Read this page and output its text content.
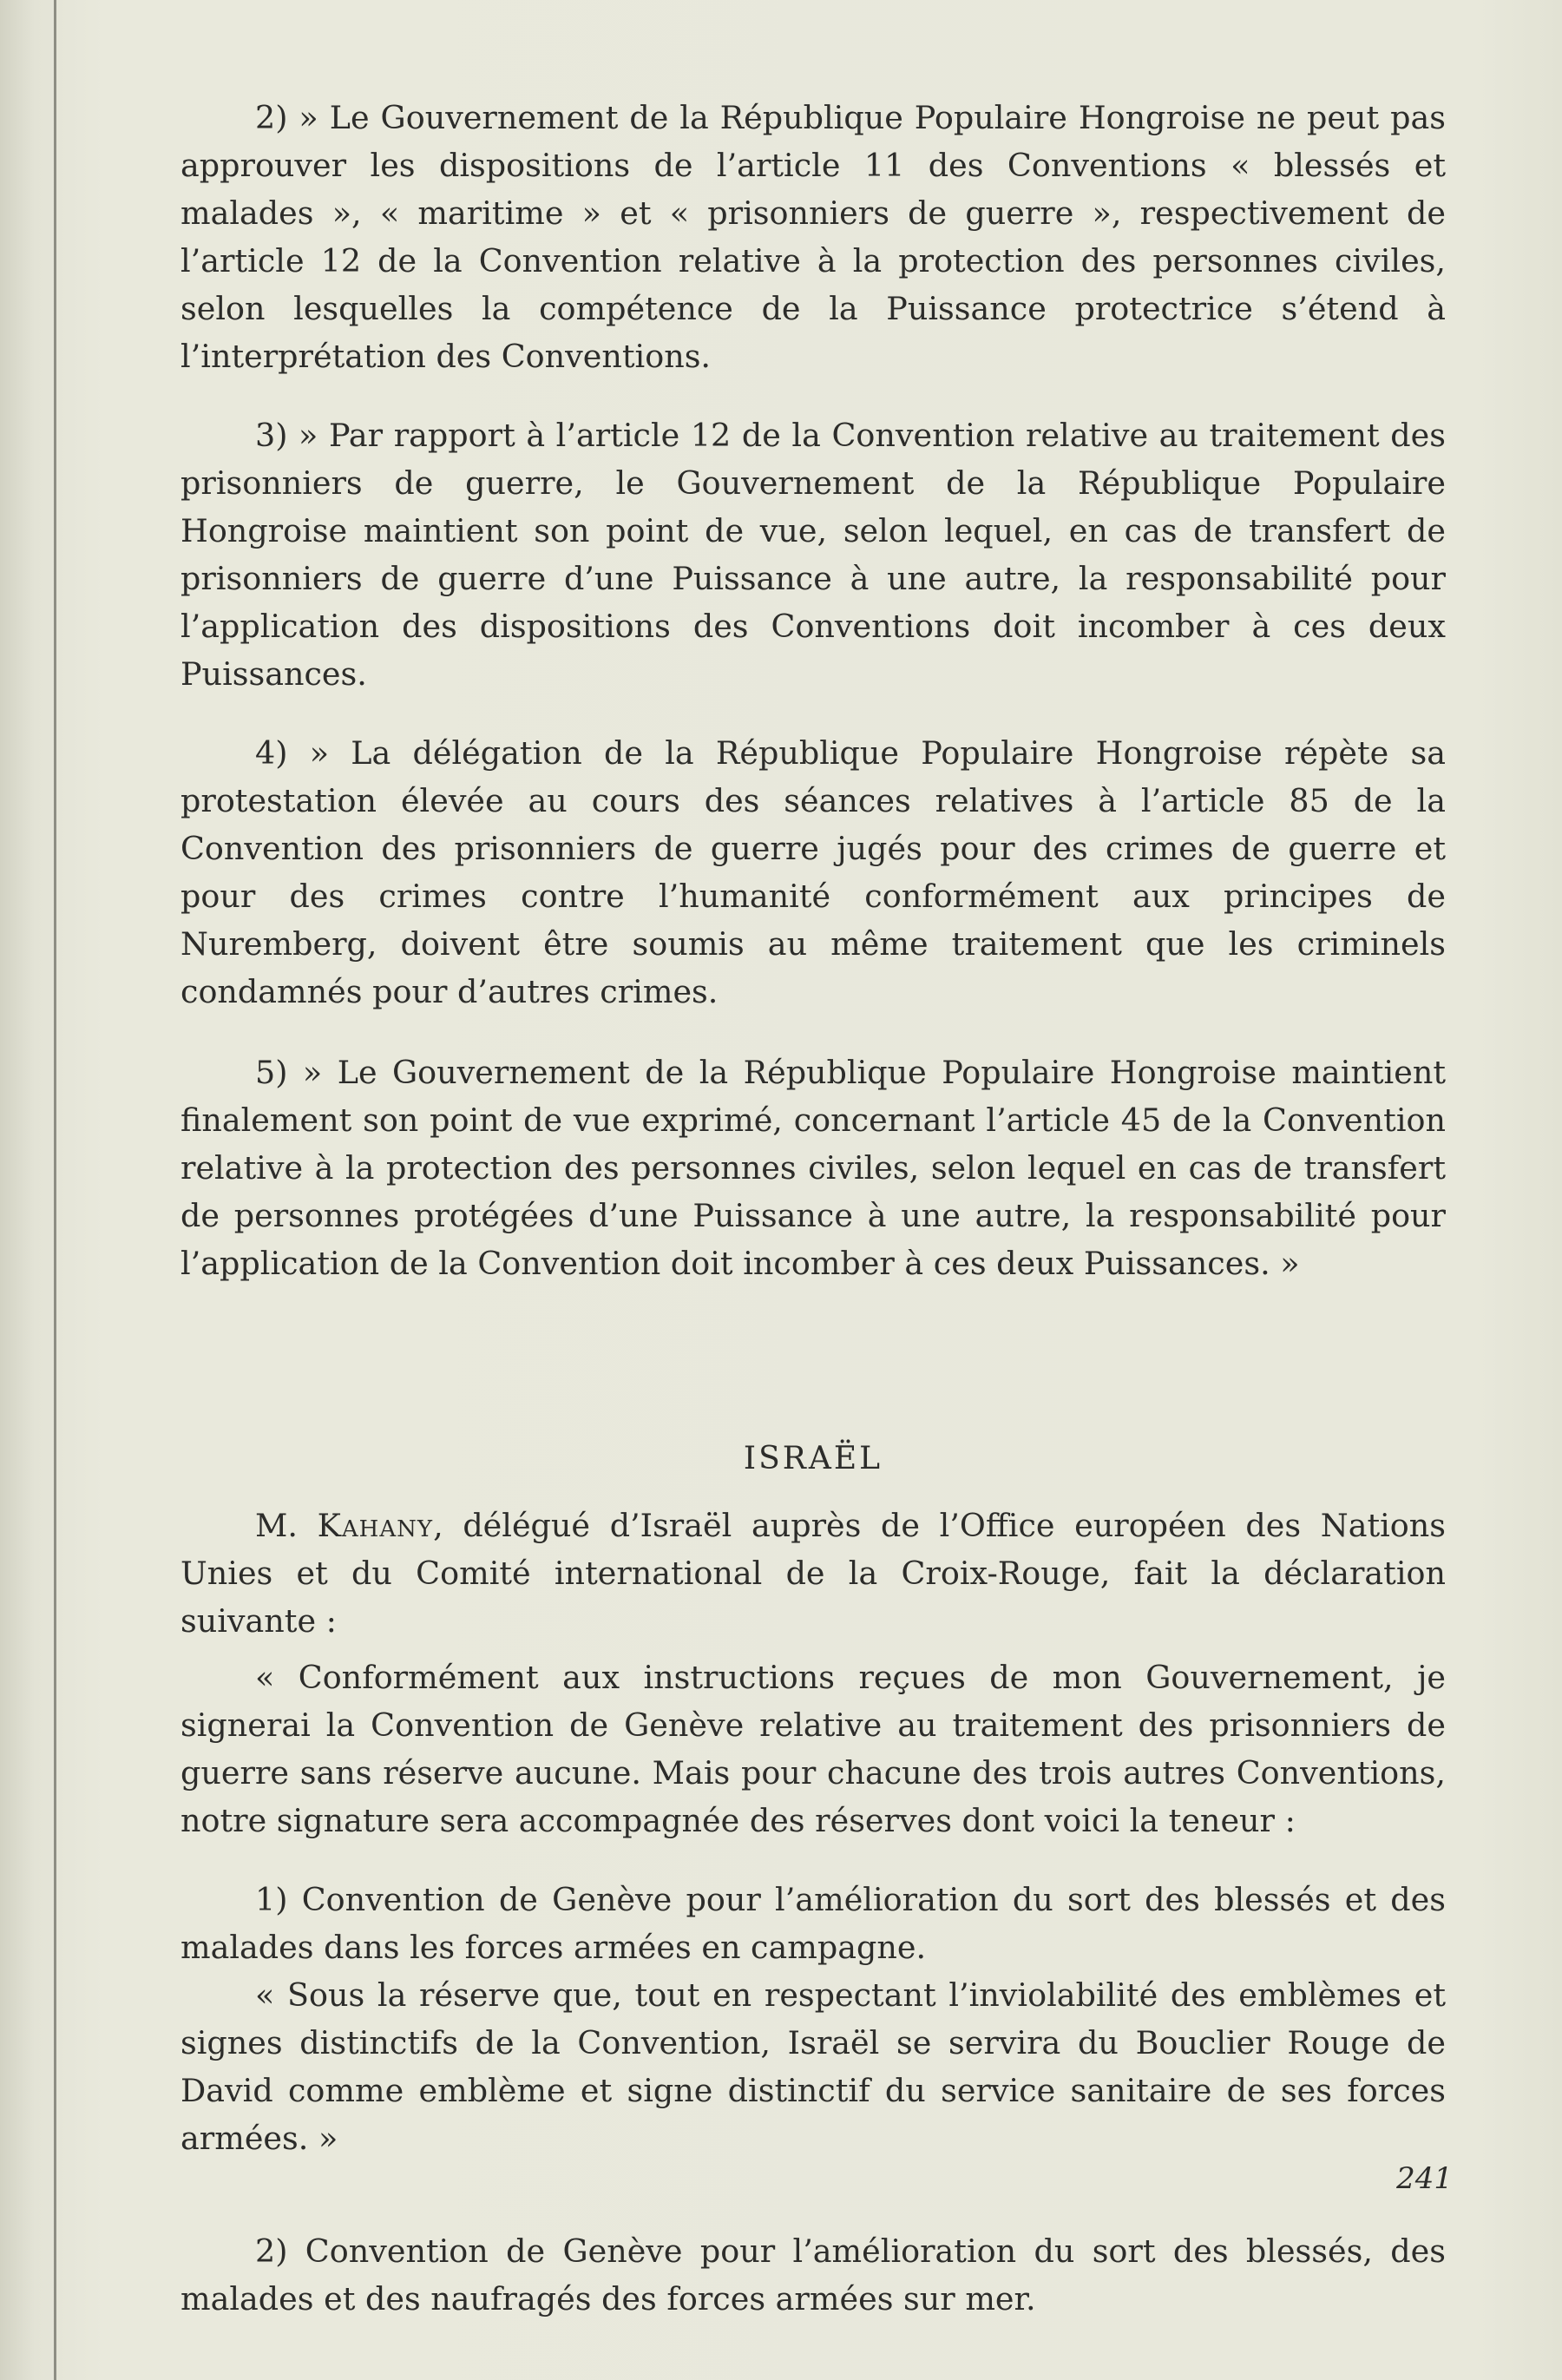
2) » Le Gouvernement de la République Populaire Hongroise ne peut pas approuver les dispositions de l’article 11 des Conventions « blessés et malades », « maritime » et « prisonniers de guerre », respectivement de l’article 12 de la Convention relative à la protection des personnes civiles, selon lesquelles la compétence de la Puissance protectrice s’étend à l’interprétation des Conventions.

3) » Par rapport à l’article 12 de la Convention relative au traitement des prisonniers de guerre, le Gouvernement de la République Populaire Hongroise maintient son point de vue, selon lequel, en cas de transfert de prisonniers de guerre d’une Puissance à une autre, la responsabilité pour l’application des dispositions des Conventions doit incomber à ces deux Puissances.

4) » La délégation de la République Populaire Hongroise répète sa protestation élevée au cours des séances relatives à l’article 85 de la Convention des prisonniers de guerre jugés pour des crimes de guerre et pour des crimes contre l’humanité conformément aux principes de Nuremberg, doivent être soumis au même traitement que les criminels condamnés pour d’autres crimes.

5) » Le Gouvernement de la République Populaire Hongroise maintient finalement son point de vue exprimé, concernant l’article 45 de la Convention relative à la protection des personnes civiles, selon lequel en cas de transfert de personnes protégées d’une Puissance à une autre, la responsabilité pour l’application de la Convention doit incomber à ces deux Puissances. »

ISRAËL

M. Kahany, délégué d’Israël auprès de l’Office européen des Nations Unies et du Comité international de la Croix-Rouge, fait la déclaration suivante :

« Conformément aux instructions reçues de mon Gouvernement, je signerai la Convention de Genève relative au traitement des prisonniers de guerre sans réserve aucune. Mais pour chacune des trois autres Conventions, notre signature sera accompagnée des réserves dont voici la teneur :

1) Convention de Genève pour l’amélioration du sort des blessés et des malades dans les forces armées en campagne.

« Sous la réserve que, tout en respectant l’inviolabilité des emblèmes et signes distinctifs de la Convention, Israël se servira du Bouclier Rouge de David comme emblème et signe distinctif du service sanitaire de ses forces armées. »

2) Convention de Genève pour l’amélioration du sort des blessés, des malades et des naufragés des forces armées sur mer.

241
